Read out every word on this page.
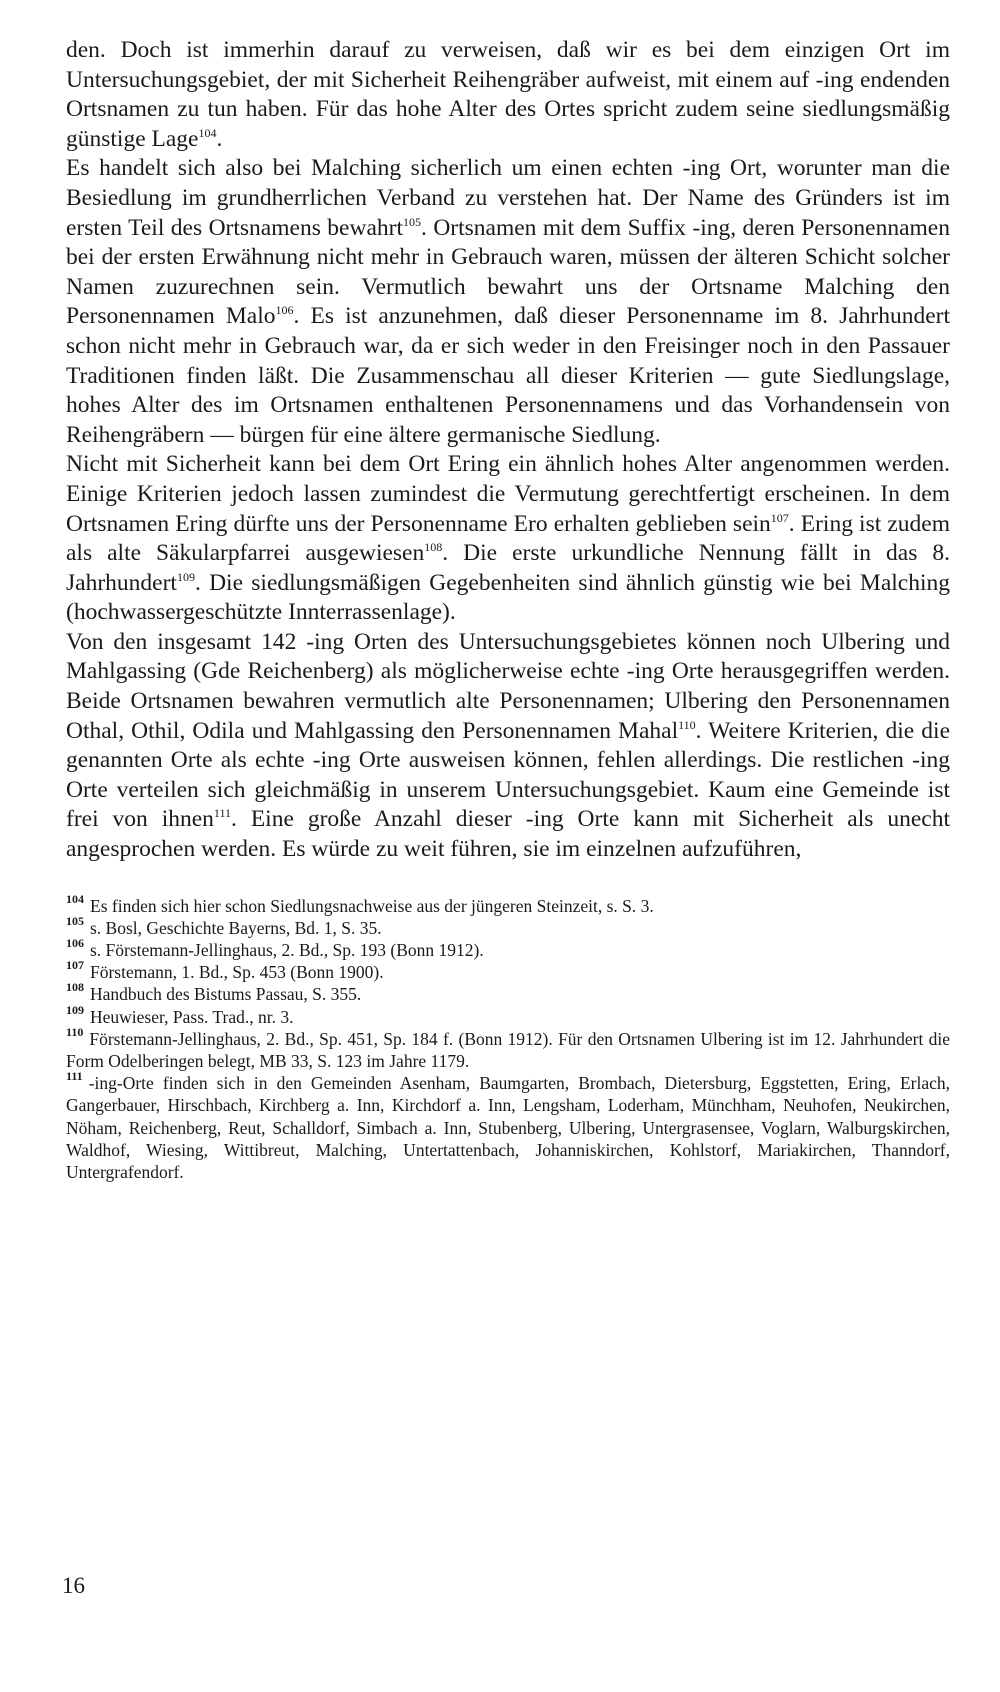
den. Doch ist immerhin darauf zu verweisen, daß wir es bei dem einzigen Ort im Untersuchungsgebiet, der mit Sicherheit Reihengräber aufweist, mit einem auf -ing endenden Ortsnamen zu tun haben. Für das hohe Alter des Ortes spricht zudem seine siedlungsmäßig günstige Lage$^{104}$.

Es handelt sich also bei Malching sicherlich um einen echten -ing Ort, worunter man die Besiedlung im grundherrlichen Verband zu verstehen hat. Der Name des Gründers ist im ersten Teil des Ortsnamens bewahrt$^{105}$. Ortsnamen mit dem Suffix -ing, deren Personennamen bei der ersten Erwähnung nicht mehr in Gebrauch waren, müssen der älteren Schicht solcher Namen zuzurechnen sein. Vermutlich bewahrt uns der Ortsname Malching den Personennamen Malo$^{106}$. Es ist anzunehmen, daß dieser Personenname im 8. Jahrhundert schon nicht mehr in Gebrauch war, da er sich weder in den Freisinger noch in den Passauer Traditionen finden läßt. Die Zusammenschau all dieser Kriterien — gute Siedlungslage, hohes Alter des im Ortsnamen enthaltenen Personennamens und das Vorhandensein von Reihengräbern — bürgen für eine ältere germanische Siedlung.

Nicht mit Sicherheit kann bei dem Ort Ering ein ähnlich hohes Alter angenommen werden. Einige Kriterien jedoch lassen zumindest die Vermutung gerechtfertigt erscheinen. In dem Ortsnamen Ering dürfte uns der Personenname Ero erhalten geblieben sein$^{107}$. Ering ist zudem als alte Säkularpfarrei ausgewiesen$^{108}$. Die erste urkundliche Nennung fällt in das 8. Jahrhundert$^{109}$. Die siedlungsmäßigen Gegebenheiten sind ähnlich günstig wie bei Malching (hochwassergeschützte Innterrassenlage).

Von den insgesamt 142 -ing Orten des Untersuchungsgebietes können noch Ulbering und Mahlgassing (Gde Reichenberg) als möglicherweise echte -ing Orte herausgegriffen werden. Beide Ortsnamen bewahren vermutlich alte Personennamen; Ulbering den Personennamen Othal, Othil, Odila und Mahlgassing den Personennamen Mahal$^{110}$. Weitere Kriterien, die die genannten Orte als echte -ing Orte ausweisen können, fehlen allerdings. Die restlichen -ing Orte verteilen sich gleichmäßig in unserem Untersuchungsgebiet. Kaum eine Gemeinde ist frei von ihnen$^{111}$. Eine große Anzahl dieser -ing Orte kann mit Sicherheit als unecht angesprochen werden. Es würde zu weit führen, sie im einzelnen aufzuführen,

$^{104}$ Es finden sich hier schon Siedlungsnachweise aus der jüngeren Steinzeit, s. S. 3.

$^{105}$ s. Bosl, Geschichte Bayerns, Bd. 1, S. 35.

$^{106}$ s. Förstemann-Jellinghaus, 2. Bd., Sp. 193 (Bonn 1912).

$^{107}$ Förstemann, 1. Bd., Sp. 453 (Bonn 1900).

$^{108}$ Handbuch des Bistums Passau, S. 355.

$^{109}$ Heuwieser, Pass. Trad., nr. 3.

$^{110}$ Förstemann-Jellinghaus, 2. Bd., Sp. 451, Sp. 184 f. (Bonn 1912). Für den Ortsnamen Ulbering ist im 12. Jahrhundert die Form Odelberingen belegt, MB 33, S. 123 im Jahre 1179.

$^{111}$ -ing-Orte finden sich in den Gemeinden Asenham, Baumgarten, Brombach, Dietersburg, Eggstetten, Ering, Erlach, Gangerbauer, Hirschbach, Kirchberg a. Inn, Kirchdorf a. Inn, Lengsham, Loderham, Münchham, Neuhofen, Neukirchen, Nöham, Reichenberg, Reut, Schalldorf, Simbach a. Inn, Stubenberg, Ulbering, Untergrasensee, Voglarn, Walburgskirchen, Waldhof, Wiesing, Wittibreut, Malching, Untertattenbach, Johanniskirchen, Kohlstorf, Mariakirchen, Thanndorf, Untergrafendorf.

16
